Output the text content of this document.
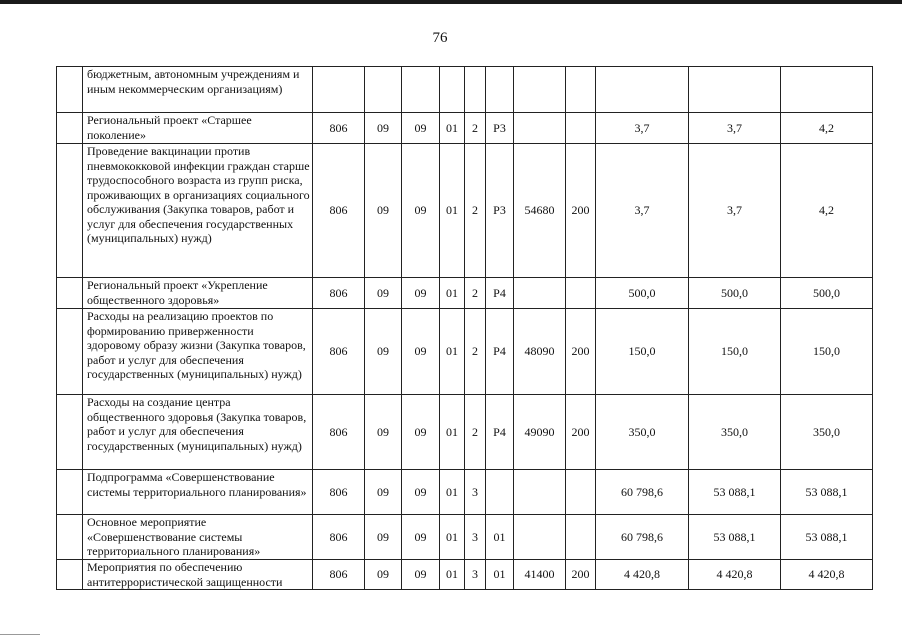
76
	бюджетным, автономным учреждениям и иным некоммерческим организациям)											
	Региональный проект «Старшее поколение»	806	09	09	01	2	Р3			3,7	3,7	4,2
	Проведение вакцинации против пневмококковой инфекции граждан старше трудоспособного возраста из групп риска, проживающих в организациях социального обслуживания (Закупка товаров, работ и услуг для обеспечения государственных (муниципальных) нужд)	806	09	09	01	2	Р3	54680	200	3,7	3,7	4,2
	Региональный проект «Укрепление общественного здоровья»	806	09	09	01	2	Р4			500,0	500,0	500,0
	Расходы на реализацию проектов по формированию приверженности здоровому образу жизни (Закупка товаров, работ и услуг для обеспечения государственных (муниципальных) нужд)	806	09	09	01	2	Р4	48090	200	150,0	150,0	150,0
	Расходы на создание центра общественного здоровья (Закупка товаров, работ и услуг для обеспечения государственных (муниципальных) нужд)	806	09	09	01	2	Р4	49090	200	350,0	350,0	350,0
	Подпрограмма «Совершенствование системы территориального планирования»	806	09	09	01	3				60 798,6	53 088,1	53 088,1
	Основное мероприятие «Совершенствование системы территориального планирования»	806	09	09	01	3	01			60 798,6	53 088,1	53 088,1
	Мероприятия по обеспечению антитеррористической защищенности	806	09	09	01	3	01	41400	200	4 420,8	4 420,8	4 420,8
